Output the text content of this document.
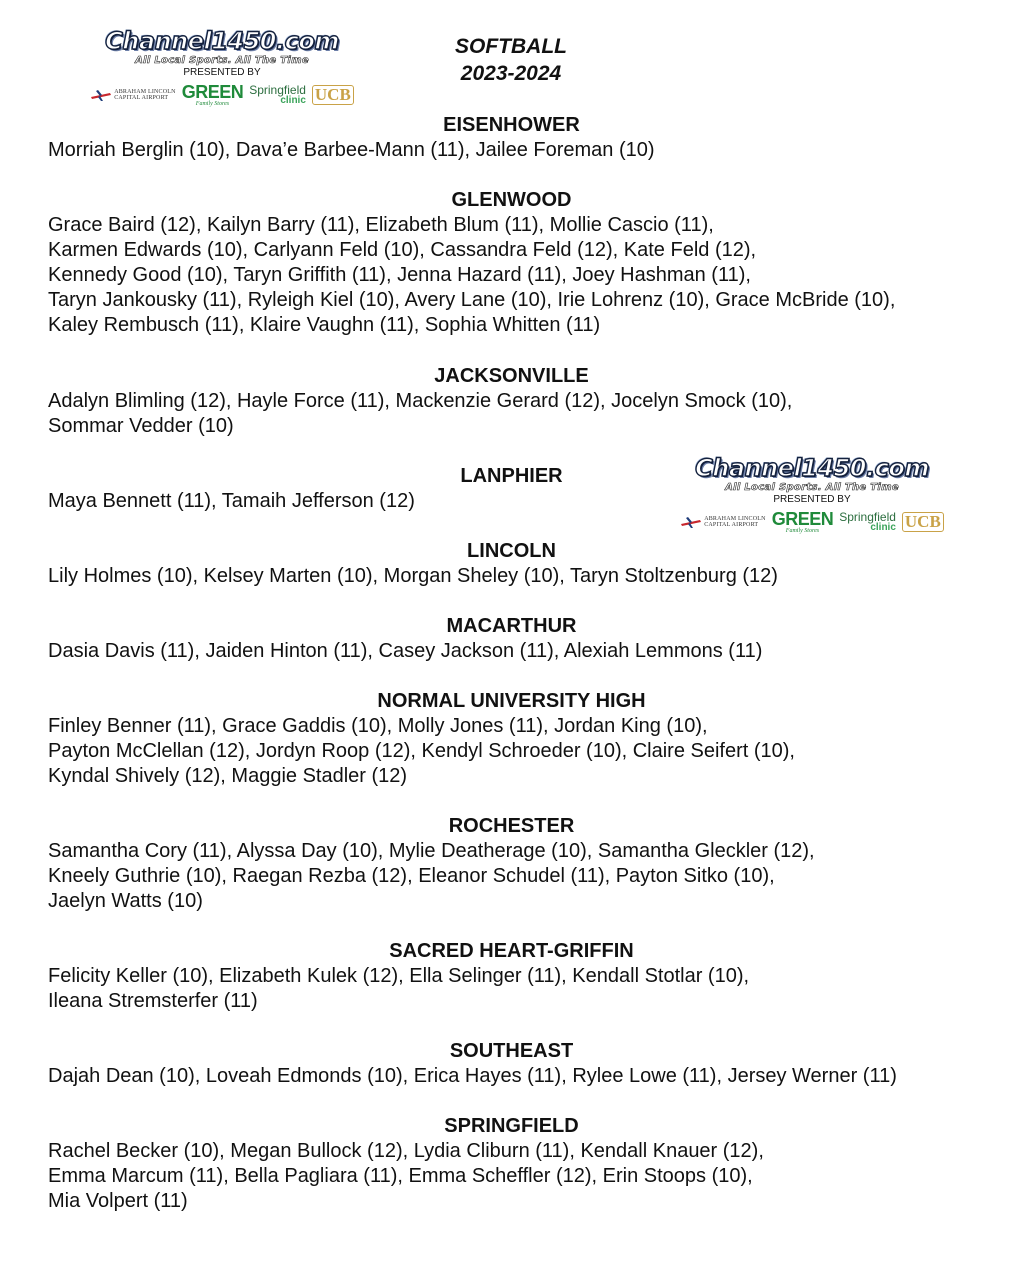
Channel1450.com
All Local Sports. All The Time
PRESENTED BY
ABRAHAM LINCOLN
CAPITAL AIRPORT GREEN
Family Stores
Springfield
clinic UCB
SOFTBALL
2023-2024
EISENHOWER
Morriah Berglin (10), Dava’e Barbee-Mann (11), Jailee Foreman (10)
GLENWOOD
Grace Baird (12), Kailyn Barry (11), Elizabeth Blum (11), Mollie Cascio (11),
Karmen Edwards (10), Carlyann Feld (10), Cassandra Feld (12), Kate Feld (12),
Kennedy Good (10), Taryn Griffith (11), Jenna Hazard (11), Joey Hashman (11),
Taryn Jankousky (11), Ryleigh Kiel (10), Avery Lane (10), Irie Lohrenz (10), Grace McBride (10),
Kaley Rembusch (11), Klaire Vaughn (11), Sophia Whitten (11)
JACKSONVILLE
Adalyn Blimling (12), Hayle Force (11), Mackenzie Gerard (12), Jocelyn Smock (10),
Sommar Vedder (10)
LANPHIER
Maya Bennett (11), Tamaih Jefferson (12)
Channel1450.com
All Local Sports. All The Time
PRESENTED BY
ABRAHAM LINCOLN
CAPITAL AIRPORT GREEN
Family Stores
Springfield
clinic UCB
LINCOLN
Lily Holmes (10), Kelsey Marten (10), Morgan Sheley (10), Taryn Stoltzenburg (12)
MACARTHUR
Dasia Davis (11), Jaiden Hinton (11), Casey Jackson (11), Alexiah Lemmons (11)
NORMAL UNIVERSITY HIGH
Finley Benner (11), Grace Gaddis (10), Molly Jones (11), Jordan King (10),
Payton McClellan (12), Jordyn Roop (12), Kendyl Schroeder (10), Claire Seifert (10),
Kyndal Shively (12), Maggie Stadler (12)
ROCHESTER
Samantha Cory (11), Alyssa Day (10), Mylie Deatherage (10), Samantha Gleckler (12),
Kneely Guthrie (10), Raegan Rezba (12), Eleanor Schudel (11), Payton Sitko (10),
Jaelyn Watts (10)
SACRED HEART-GRIFFIN
Felicity Keller (10), Elizabeth Kulek (12), Ella Selinger (11), Kendall Stotlar (10),
Ileana Stremsterfer (11)
SOUTHEAST
Dajah Dean (10), Loveah Edmonds (10), Erica Hayes (11), Rylee Lowe (11), Jersey Werner (11)
SPRINGFIELD
Rachel Becker (10), Megan Bullock (12), Lydia Cliburn (11), Kendall Knauer (12),
Emma Marcum (11), Bella Pagliara (11), Emma Scheffler (12), Erin Stoops (10),
Mia Volpert (11)
